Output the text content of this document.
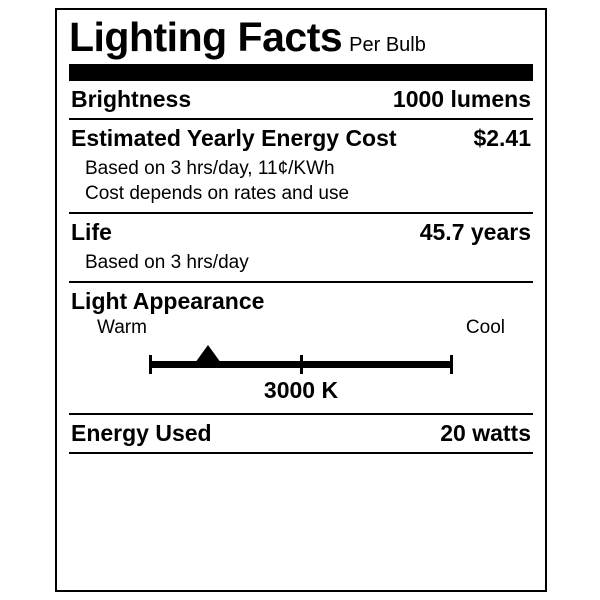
Lighting Facts Per Bulb
Brightness	1000 lumens
Estimated Yearly Energy Cost	$2.41
Based on 3 hrs/day, 11¢/KWh
Cost depends on rates and use
Life	45.7 years
Based on 3 hrs/day
Light Appearance
Warm	Cool
3000 K
Energy Used	20 watts
